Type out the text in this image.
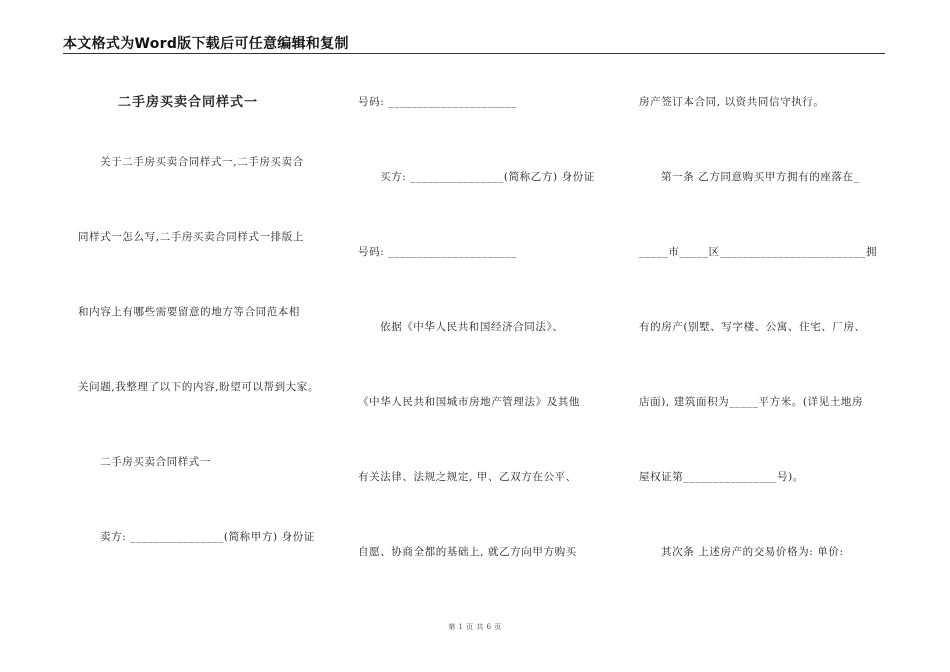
本文格式为Word版下载后可任意编辑和复制
二手房买卖合同样式一
关于二手房买卖合同样式一,二手房买卖合
同样式一怎么写,二手房买卖合同样式一排版上
和内容上有哪些需要留意的地方等合同范本相
关问题,我整理了以下的内容,盼望可以帮到大家。
二手房买卖合同样式一
卖方: ________________(简称甲方) 身份证
号码: ______________________
买方: ________________(简称乙方) 身份证
号码: ______________________
依据《中华人民共和国经济合同法》、
《中华人民共和国城市房地产管理法》及其他
有关法律、法规之规定, 甲、乙双方在公平、
自愿、协商全都的基础上, 就乙方向甲方购买
房产签订本合同, 以资共同信守执行。
第一条 乙方同意购买甲方拥有的座落在_
_____市_____区_________________________拥
有的房产(别墅、写字楼、公寓、住宅、厂房、
店面), 建筑面积为_____平方米。(详见土地房
屋权证第________________号)。
其次条 上述房产的交易价格为: 单价:
第 1 页 共 6 页
